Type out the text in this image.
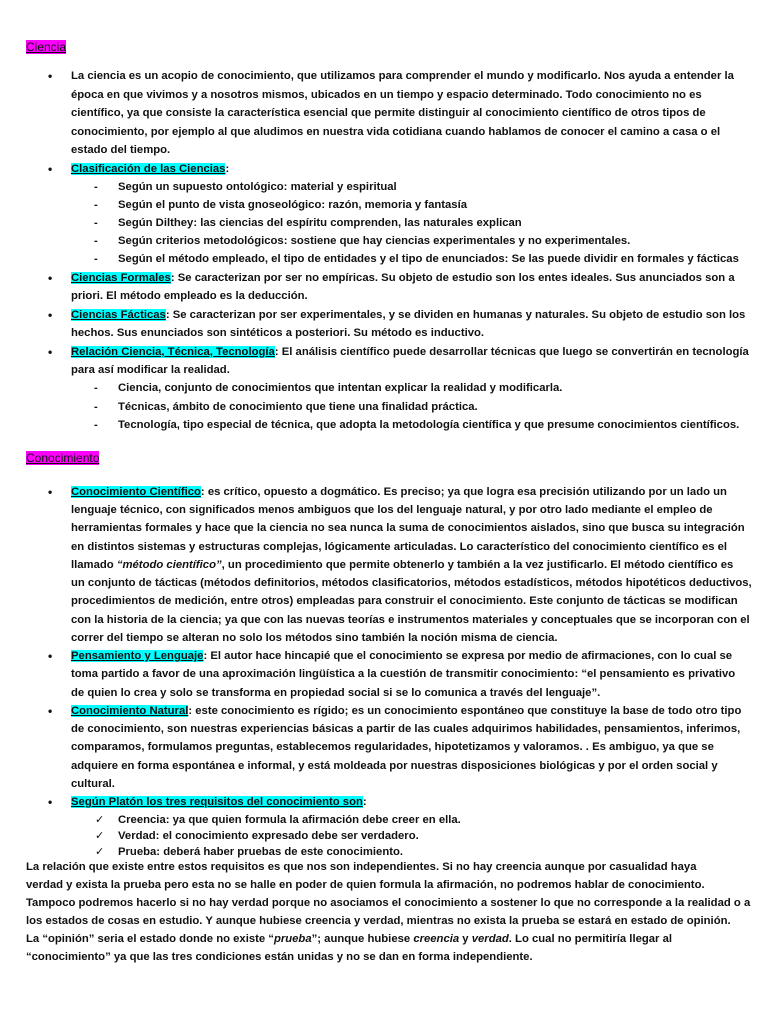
Ciencia
• La ciencia es un acopio de conocimiento, que utilizamos para comprender el mundo y modificarlo. Nos ayuda a entender la
época en que vivimos y a nosotros mismos, ubicados en un tiempo y espacio determinado. Todo conocimiento no es
científico, ya que consiste la característica esencial que permite distinguir al conocimiento científico de otros tipos de
conocimiento, por ejemplo al que aludimos en nuestra vida cotidiana cuando hablamos de conocer el camino a casa o el
estado del tiempo.
• Clasificación de las Ciencias:
- Según un supuesto ontológico: material y espiritual
- Según el punto de vista gnoseológico: razón, memoria y fantasía
- Según Dilthey: las ciencias del espíritu comprenden, las naturales explican
- Según criterios metodológicos: sostiene que hay ciencias experimentales y no experimentales.
- Según el método empleado, el tipo de entidades y el tipo de enunciados: Se las puede dividir en formales y fácticas
• Ciencias Formales: Se caracterizan por ser no empíricas. Su objeto de estudio son los entes ideales. Sus anunciados son a
priori. El método empleado es la deducción.
• Ciencias Fácticas: Se caracterizan por ser experimentales, y se dividen en humanas y naturales. Su objeto de estudio son los
hechos. Sus enunciados son sintéticos a posteriori. Su método es inductivo.
• Relación Ciencia, Técnica, Tecnología: El análisis científico puede desarrollar técnicas que luego se convertirán en tecnología
para así modificar la realidad.
- Ciencia, conjunto de conocimientos que intentan explicar la realidad y modificarla.
- Técnicas, ámbito de conocimiento que tiene una finalidad práctica.
- Tecnología, tipo especial de técnica, que adopta la metodología científica y que presume conocimientos científicos.
Conocimiento
• Conocimiento Científico: es crítico, opuesto a dogmático. Es preciso; ya que logra esa precisión utilizando por un lado un
lenguaje técnico, con significados menos ambiguos que los del lenguaje natural, y por otro lado mediante el empleo de
herramientas formales y hace que la ciencia no sea nunca la suma de conocimientos aislados, sino que busca su integración
en distintos sistemas y estructuras complejas, lógicamente articuladas. Lo característico del conocimiento científico es el
llamado “método científico”, un procedimiento que permite obtenerlo y también a la vez justificarlo. El método científico es
un conjunto de tácticas (métodos definitorios, métodos clasificatorios, métodos estadísticos, métodos hipotéticos deductivos,
procedimientos de medición, entre otros) empleadas para construir el conocimiento. Este conjunto de tácticas se modifican
con la historia de la ciencia; ya que con las nuevas teorías e instrumentos materiales y conceptuales que se incorporan con el
correr del tiempo se alteran no solo los métodos sino también la noción misma de ciencia.
• Pensamiento y Lenguaje: El autor hace hincapié que el conocimiento se expresa por medio de afirmaciones, con lo cual se
toma partido a favor de una aproximación lingüística a la cuestión de transmitir conocimiento: “el pensamiento es privativo
de quien lo crea y solo se transforma en propiedad social si se lo comunica a través del lenguaje”.
• Conocimiento Natural: este conocimiento es rígido; es un conocimiento espontáneo que constituye la base de todo otro tipo
de conocimiento, son nuestras experiencias básicas a partir de las cuales adquirimos habilidades, pensamientos, inferimos,
comparamos, formulamos preguntas, establecemos regularidades, hipotetizamos y valoramos. . Es ambiguo, ya que se
adquiere en forma espontánea e informal, y está moldeada por nuestras disposiciones biológicas y por el orden social y
cultural.
• Según Platón los tres requisitos del conocimiento son:
✓ Creencia: ya que quien formula la afirmación debe creer en ella.
✓ Verdad: el conocimiento expresado debe ser verdadero.
✓ Prueba: deberá haber pruebas de este conocimiento.
La relación que existe entre estos requisitos es que nos son independientes. Si no hay creencia aunque por casualidad haya
verdad y exista la prueba pero esta no se halle en poder de quien formula la afirmación, no podremos hablar de conocimiento.
Tampoco podremos hacerlo si no hay verdad porque no asociamos el conocimiento a sostener lo que no corresponde a la realidad o a
los estados de cosas en estudio. Y aunque hubiese creencia y verdad, mientras no exista la prueba se estará en estado de opinión.
La “opinión” seria el estado donde no existe “prueba”; aunque hubiese creencia y verdad. Lo cual no permitiría llegar al
“conocimiento” ya que las tres condiciones están unidas y no se dan en forma independiente.
